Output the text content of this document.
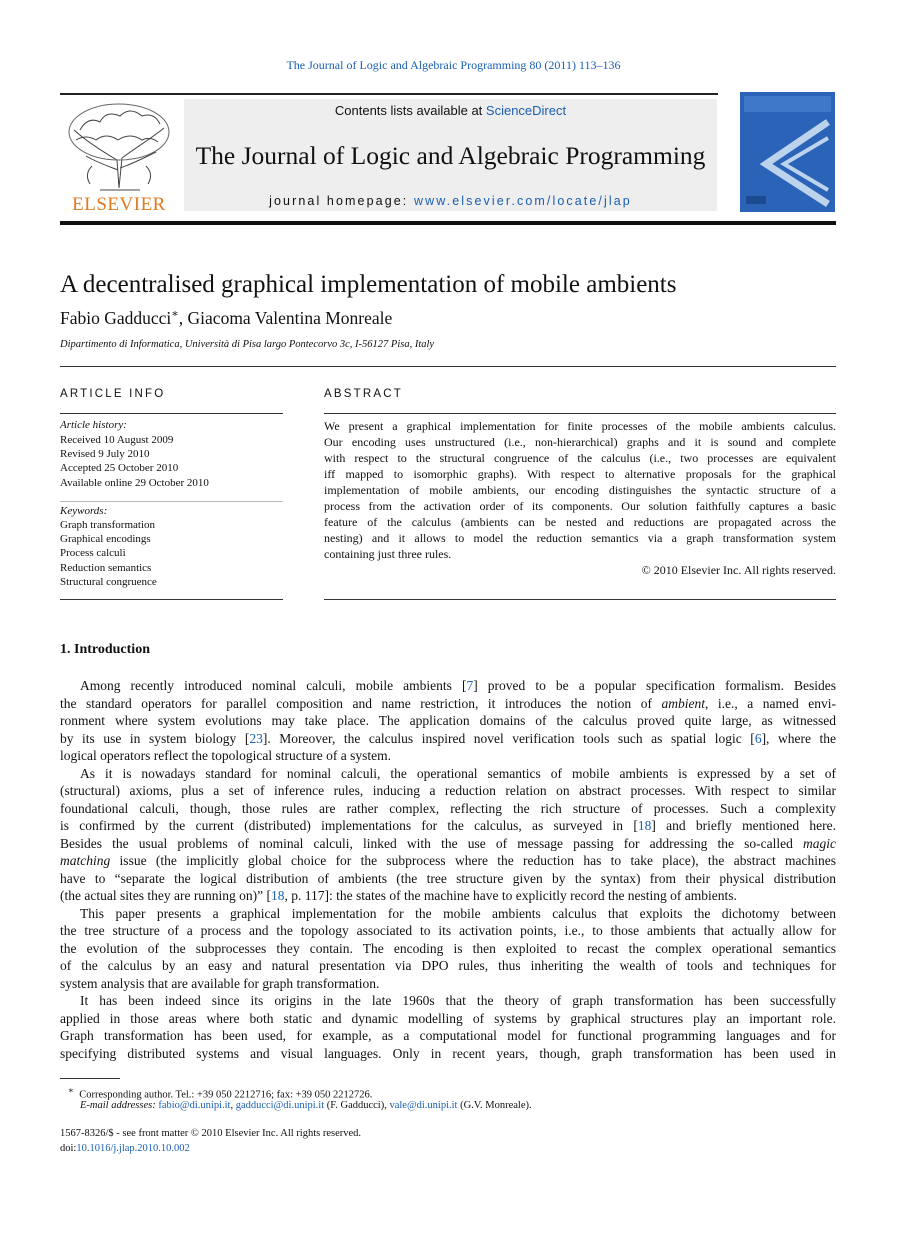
The Journal of Logic and Algebraic Programming 80 (2011) 113–136
ELSEVIER
Contents lists available at ScienceDirect
The Journal of Logic and Algebraic Programming
journal homepage: www.elsevier.com/locate/jlap
A decentralised graphical implementation of mobile ambients
Fabio Gadducci∗, Giacoma Valentina Monreale
Dipartimento di Informatica, Università di Pisa largo Pontecorvo 3c, I-56127 Pisa, Italy
ARTICLE INFO
Article history:
Received 10 August 2009
Revised 9 July 2010
Accepted 25 October 2010
Available online 29 October 2010
Keywords:
Graph transformation
Graphical encodings
Process calculi
Reduction semantics
Structural congruence
ABSTRACT
We present a graphical implementation for finite processes of the mobile ambients calculus.
Our encoding uses unstructured (i.e., non-hierarchical) graphs and it is sound and complete
with respect to the structural congruence of the calculus (i.e., two processes are equivalent
iff mapped to isomorphic graphs). With respect to alternative proposals for the graphical
implementation of mobile ambients, our encoding distinguishes the syntactic structure of a
process from the activation order of its components. Our solution faithfully captures a basic
feature of the calculus (ambients can be nested and reductions are propagated across the
nesting) and it allows to model the reduction semantics via a graph transformation system
containing just three rules.
© 2010 Elsevier Inc. All rights reserved.
1. Introduction
Among recently introduced nominal calculi, mobile ambients [7] proved to be a popular specification formalism. Besides
the standard operators for parallel composition and name restriction, it introduces the notion of ambient, i.e., a named envi-
ronment where system evolutions may take place. The application domains of the calculus proved quite large, as witnessed
by its use in system biology [23]. Moreover, the calculus inspired novel verification tools such as spatial logic [6], where the
logical operators reflect the topological structure of a system.
As it is nowadays standard for nominal calculi, the operational semantics of mobile ambients is expressed by a set of
(structural) axioms, plus a set of inference rules, inducing a reduction relation on abstract processes. With respect to similar
foundational calculi, though, those rules are rather complex, reflecting the rich structure of processes. Such a complexity
is confirmed by the current (distributed) implementations for the calculus, as surveyed in [18] and briefly mentioned here.
Besides the usual problems of nominal calculi, linked with the use of message passing for addressing the so-called magic
matching issue (the implicitly global choice for the subprocess where the reduction has to take place), the abstract machines
have to “separate the logical distribution of ambients (the tree structure given by the syntax) from their physical distribution
(the actual sites they are running on)” [18, p. 117]: the states of the machine have to explicitly record the nesting of ambients.
This paper presents a graphical implementation for the mobile ambients calculus that exploits the dichotomy between
the tree structure of a process and the topology associated to its activation points, i.e., to those ambients that actually allow for
the evolution of the subprocesses they contain. The encoding is then exploited to recast the complex operational semantics
of the calculus by an easy and natural presentation via DPO rules, thus inheriting the wealth of tools and techniques for
system analysis that are available for graph transformation.
It has been indeed since its origins in the late 1960s that the theory of graph transformation has been successfully
applied in those areas where both static and dynamic modelling of systems by graphical structures play an important role.
Graph transformation has been used, for example, as a computational model for functional programming languages and for
specifying distributed systems and visual languages. Only in recent years, though, graph transformation has been used in
∗ Corresponding author. Tel.: +39 050 2212716; fax: +39 050 2212726.
E-mail addresses: fabio@di.unipi.it, gadducci@di.unipi.it (F. Gadducci), vale@di.unipi.it (G.V. Monreale).
1567-8326/$ - see front matter © 2010 Elsevier Inc. All rights reserved.
doi:10.1016/j.jlap.2010.10.002
